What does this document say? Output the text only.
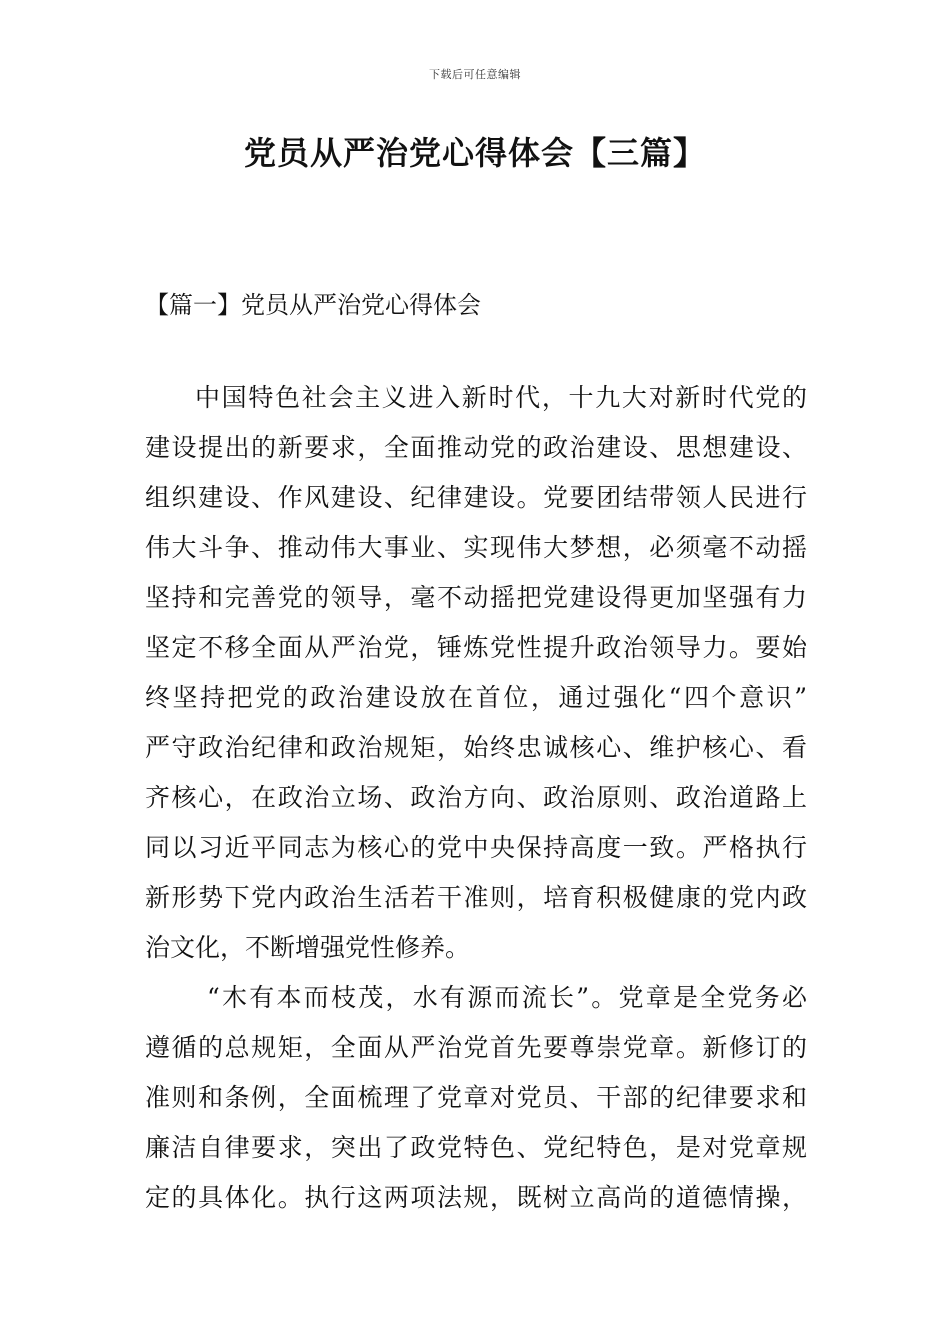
下载后可任意编辑
党员从严治党心得体会【三篇】
【篇一】党员从严治党心得体会
中国特色社会主义进入新时代，十九大对新时代党的
建设提出的新要求，全面推动党的政治建设、思想建设、
组织建设、作风建设、纪律建设。党要团结带领人民进行
伟大斗争、推动伟大事业、实现伟大梦想，必须毫不动摇
坚持和完善党的领导，毫不动摇把党建设得更加坚强有力
坚定不移全面从严治党，锤炼党性提升政治领导力。要始
终坚持把党的政治建设放在首位，通过强化“四个意识”
严守政治纪律和政治规矩，始终忠诚核心、维护核心、看
齐核心，在政治立场、政治方向、政治原则、政治道路上
同以习近平同志为核心的党中央保持高度一致。严格执行
新形势下党内政治生活若干准则，培育积极健康的党内政
治文化，不断增强党性修养。
“木有本而枝茂，水有源而流长”。党章是全党务必
遵循的总规矩，全面从严治党首先要尊崇党章。新修订的
准则和条例，全面梳理了党章对党员、干部的纪律要求和
廉洁自律要求，突出了政党特色、党纪特色，是对党章规
定的具体化。执行这两项法规，既树立高尚的道德情操，
